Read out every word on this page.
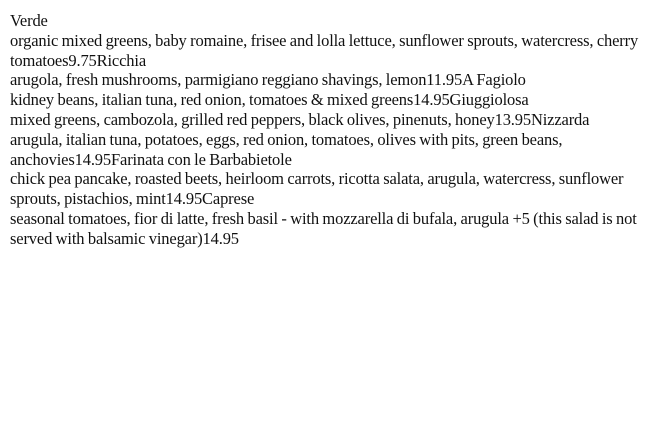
Verde
organic mixed greens, baby romaine, frisee and lolla lettuce, sunflower sprouts, watercress, cherry tomatoes9.75Ricchia
arugola, fresh mushrooms, parmigiano reggiano shavings, lemon11.95A Fagiolo
kidney beans, italian tuna, red onion, tomatoes & mixed greens14.95Giuggiolosa
mixed greens, cambozola, grilled red peppers, black olives, pinenuts, honey13.95Nizzarda
arugula, italian tuna, potatoes, eggs, red onion, tomatoes, olives with pits, green beans, anchovies14.95Farinata con le Barbabietole
chick pea pancake, roasted beets, heirloom carrots, ricotta salata, arugula, watercress, sunflower sprouts, pistachios, mint14.95Caprese
seasonal tomatoes, fior di latte, fresh basil - with mozzarella di bufala, arugula +5 (this salad is not served with balsamic vinegar)14.95
